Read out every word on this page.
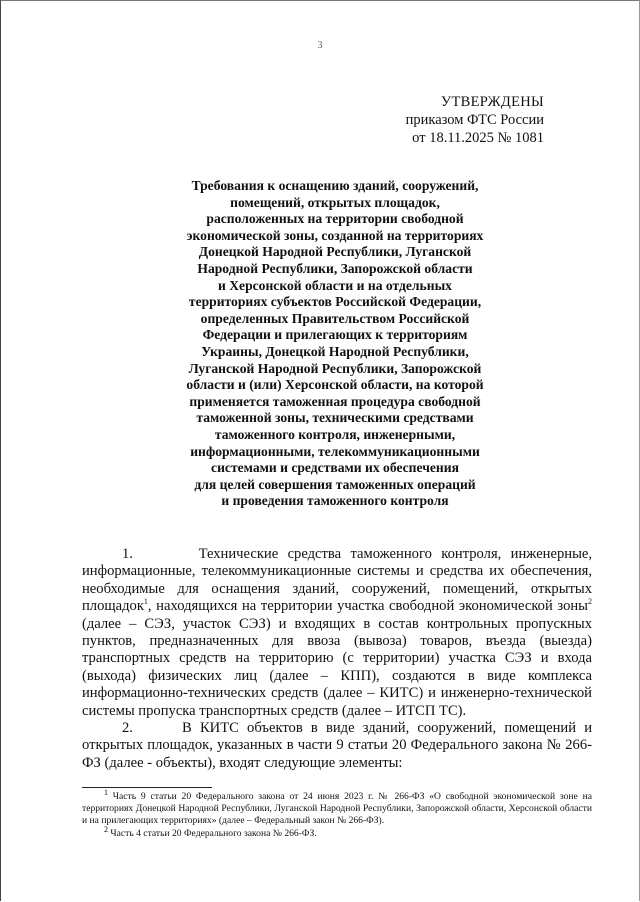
3
УТВЕРЖДЕНЫ
приказом ФТС России
от 18.11.2025 № 1081
Требования к оснащению зданий, сооружений,
помещений, открытых площадок,
расположенных на территории свободной
экономической зоны, созданной на территориях
Донецкой Народной Республики, Луганской
Народной Республики, Запорожской области
и Херсонской области и на отдельных
территориях субъектов Российской Федерации,
определенных Правительством Российской
Федерации и прилегающих к территориям
Украины, Донецкой Народной Республики,
Луганской Народной Республики, Запорожской
области и (или) Херсонской области, на которой
применяется таможенная процедура свободной
таможенной зоны, техническими средствами
таможенного контроля, инженерными,
информационными, телекоммуникационными
системами и средствами их обеспечения
для целей совершения таможенных операций
и проведения таможенного контроля

1.       Технические средства таможенного контроля, инженерные, информационные, телекоммуникационные системы и средства их обеспечения, необходимые для оснащения зданий, сооружений, помещений, открытых площадок$^1$, находящихся на территории участка свободной экономической зоны$^2$ (далее – СЭЗ, участок СЭЗ) и входящих в состав контрольных пропускных пунктов, предназначенных для ввоза (вывоза) товаров, въезда (выезда) транспортных средств на территорию (с территории) участка СЭЗ и входа (выхода) физических лиц (далее – КПП), создаются в виде комплекса информационно-технических средств (далее – КИТС) и инженерно-технической системы пропуска транспортных средств (далее – ИТСП ТС).

2.      В КИТС объектов в виде зданий, сооружений, помещений и открытых площадок, указанных в части 9 статьи 20 Федерального закона № 266-ФЗ (далее - объекты), входят следующие элементы:

$^1$ Часть 9 статьи 20 Федерального закона от 24 июня 2023 г. № 266-ФЗ «О свободной экономической зоне на территориях Донецкой Народной Республики, Луганской Народной Республики, Запорожской области, Херсонской области и на прилегающих территориях» (далее – Федеральный закон № 266-ФЗ).

$^2$ Часть 4 статьи 20 Федерального закона № 266-ФЗ.
